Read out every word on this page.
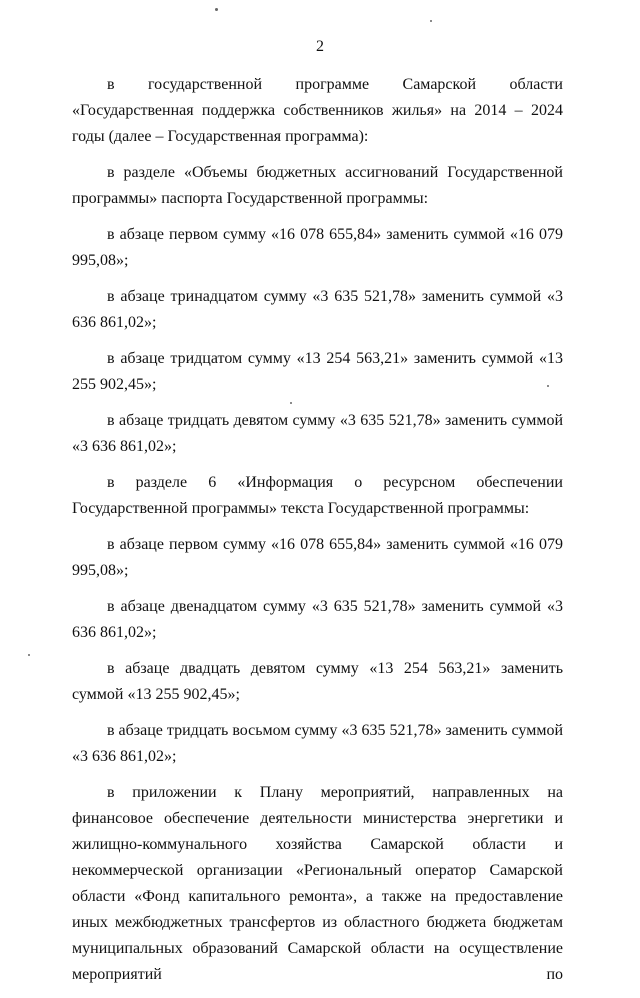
2

в государственной программе Самарской области «Государственная поддержка собственников жилья» на 2014 – 2024 годы (далее – Государственная программа):

в разделе «Объемы бюджетных ассигнований Государственной программы» паспорта Государственной программы:

в абзаце первом сумму «16 078 655,84» заменить суммой «16 079 995,08»;

в абзаце тринадцатом сумму «3 635 521,78» заменить суммой «3 636 861,02»;

в абзаце тридцатом сумму «13 254 563,21» заменить суммой «13 255 902,45»;

в абзаце тридцать девятом сумму «3 635 521,78» заменить суммой «3 636 861,02»;

в разделе 6 «Информация о ресурсном обеспечении Государственной программы» текста Государственной программы:

в абзаце первом сумму «16 078 655,84» заменить суммой «16 079 995,08»;

в абзаце двенадцатом сумму «3 635 521,78» заменить суммой «3 636 861,02»;

в абзаце двадцать девятом сумму «13 254 563,21» заменить суммой «13 255 902,45»;

в абзаце тридцать восьмом сумму «3 635 521,78» заменить суммой «3 636 861,02»;

в приложении к Плану мероприятий, направленных на финансовое обеспечение деятельности министерства энергетики и жилищно-коммунального хозяйства Самарской области и некоммерческой организации «Региональный оператор Самарской области «Фонд капитального ремонта», а также на предоставление иных межбюджетных трансфертов из областного бюджета бюджетам муниципальных образований Самарской области на осуществление мероприятий по
